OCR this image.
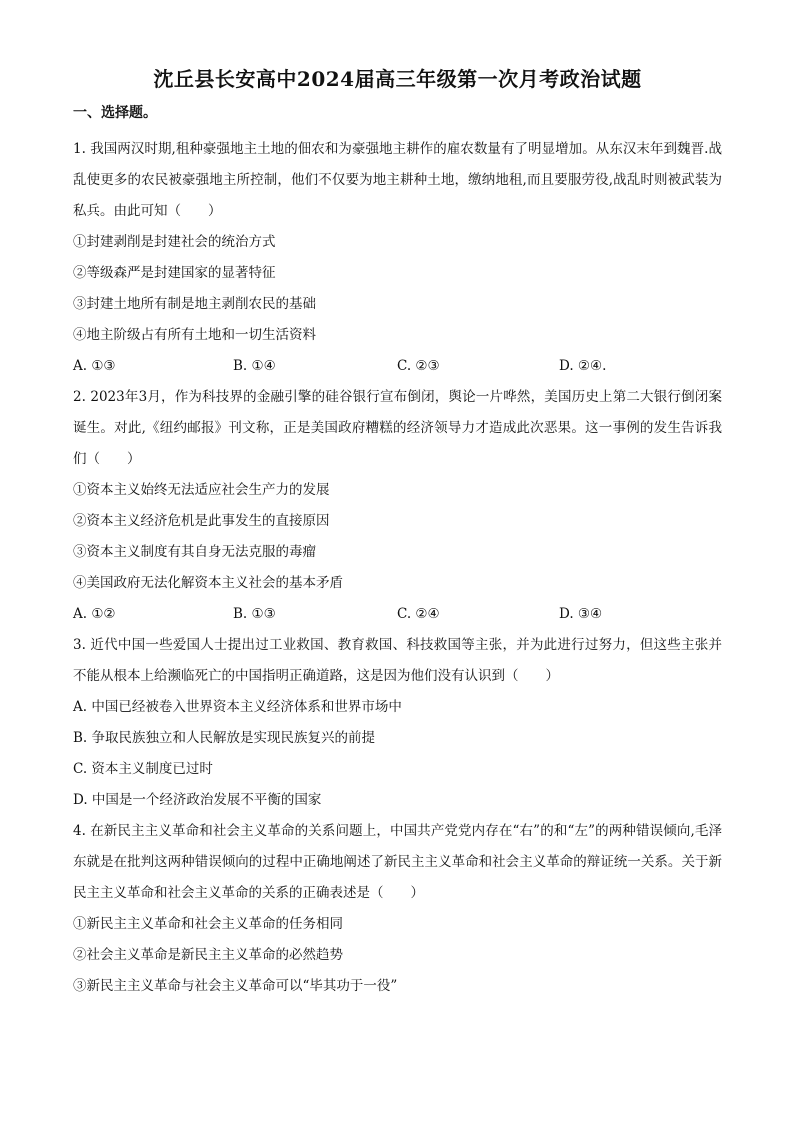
沈丘县长安高中2024届高三年级第一次月考政治试题
一、选择题。

1. 我国两汉时期,租种豪强地主土地的佃农和为豪强地主耕作的雇农数量有了明显增加。从东汉末年到魏晋.战乱使更多的农民被豪强地主所控制，他们不仅要为地主耕种土地，缴纳地租,而且要服劳役,战乱时则被武装为私兵。由此可知（　　）

①封建剥削是封建社会的统治方式

②等级森严是封建国家的显著特征

③封建土地所有制是地主剥削农民的基础

④地主阶级占有所有土地和一切生活资料

A. ①③	B. ①④	C. ②③	D. ②④.

2. 2023年3月，作为科技界的金融引擎的硅谷银行宣布倒闭，舆论一片哗然，美国历史上第二大银行倒闭案诞生。对此,《纽约邮报》刊文称，正是美国政府糟糕的经济领导力才造成此次恶果。这一事例的发生告诉我们（　　）

①资本主义始终无法适应社会生产力的发展

②资本主义经济危机是此事发生的直接原因

③资本主义制度有其自身无法克服的毒瘤

④美国政府无法化解资本主义社会的基本矛盾

A. ①②	B. ①③	C. ②④	D. ③④

3. 近代中国一些爱国人士提出过工业救国、教育救国、科技救国等主张，并为此进行过努力，但这些主张并不能从根本上给濒临死亡的中国指明正确道路，这是因为他们没有认识到（　　）

A. 中国已经被卷入世界资本主义经济体系和世界市场中

B. 争取民族独立和人民解放是实现民族复兴的前提

C. 资本主义制度已过时

D. 中国是一个经济政治发展不平衡的国家

4. 在新民主主义革命和社会主义革命的关系问题上，中国共产党党内存在“右”的和“左”的两种错误倾向,毛泽东就是在批判这两种错误倾向的过程中正确地阐述了新民主主义革命和社会主义革命的辩证统一关系。关于新民主主义革命和社会主义革命的关系的正确表述是（　　）

①新民主主义革命和社会主义革命的任务相同

②社会主义革命是新民主主义革命的必然趋势

③新民主主义革命与社会主义革命可以“毕其功于一役”
